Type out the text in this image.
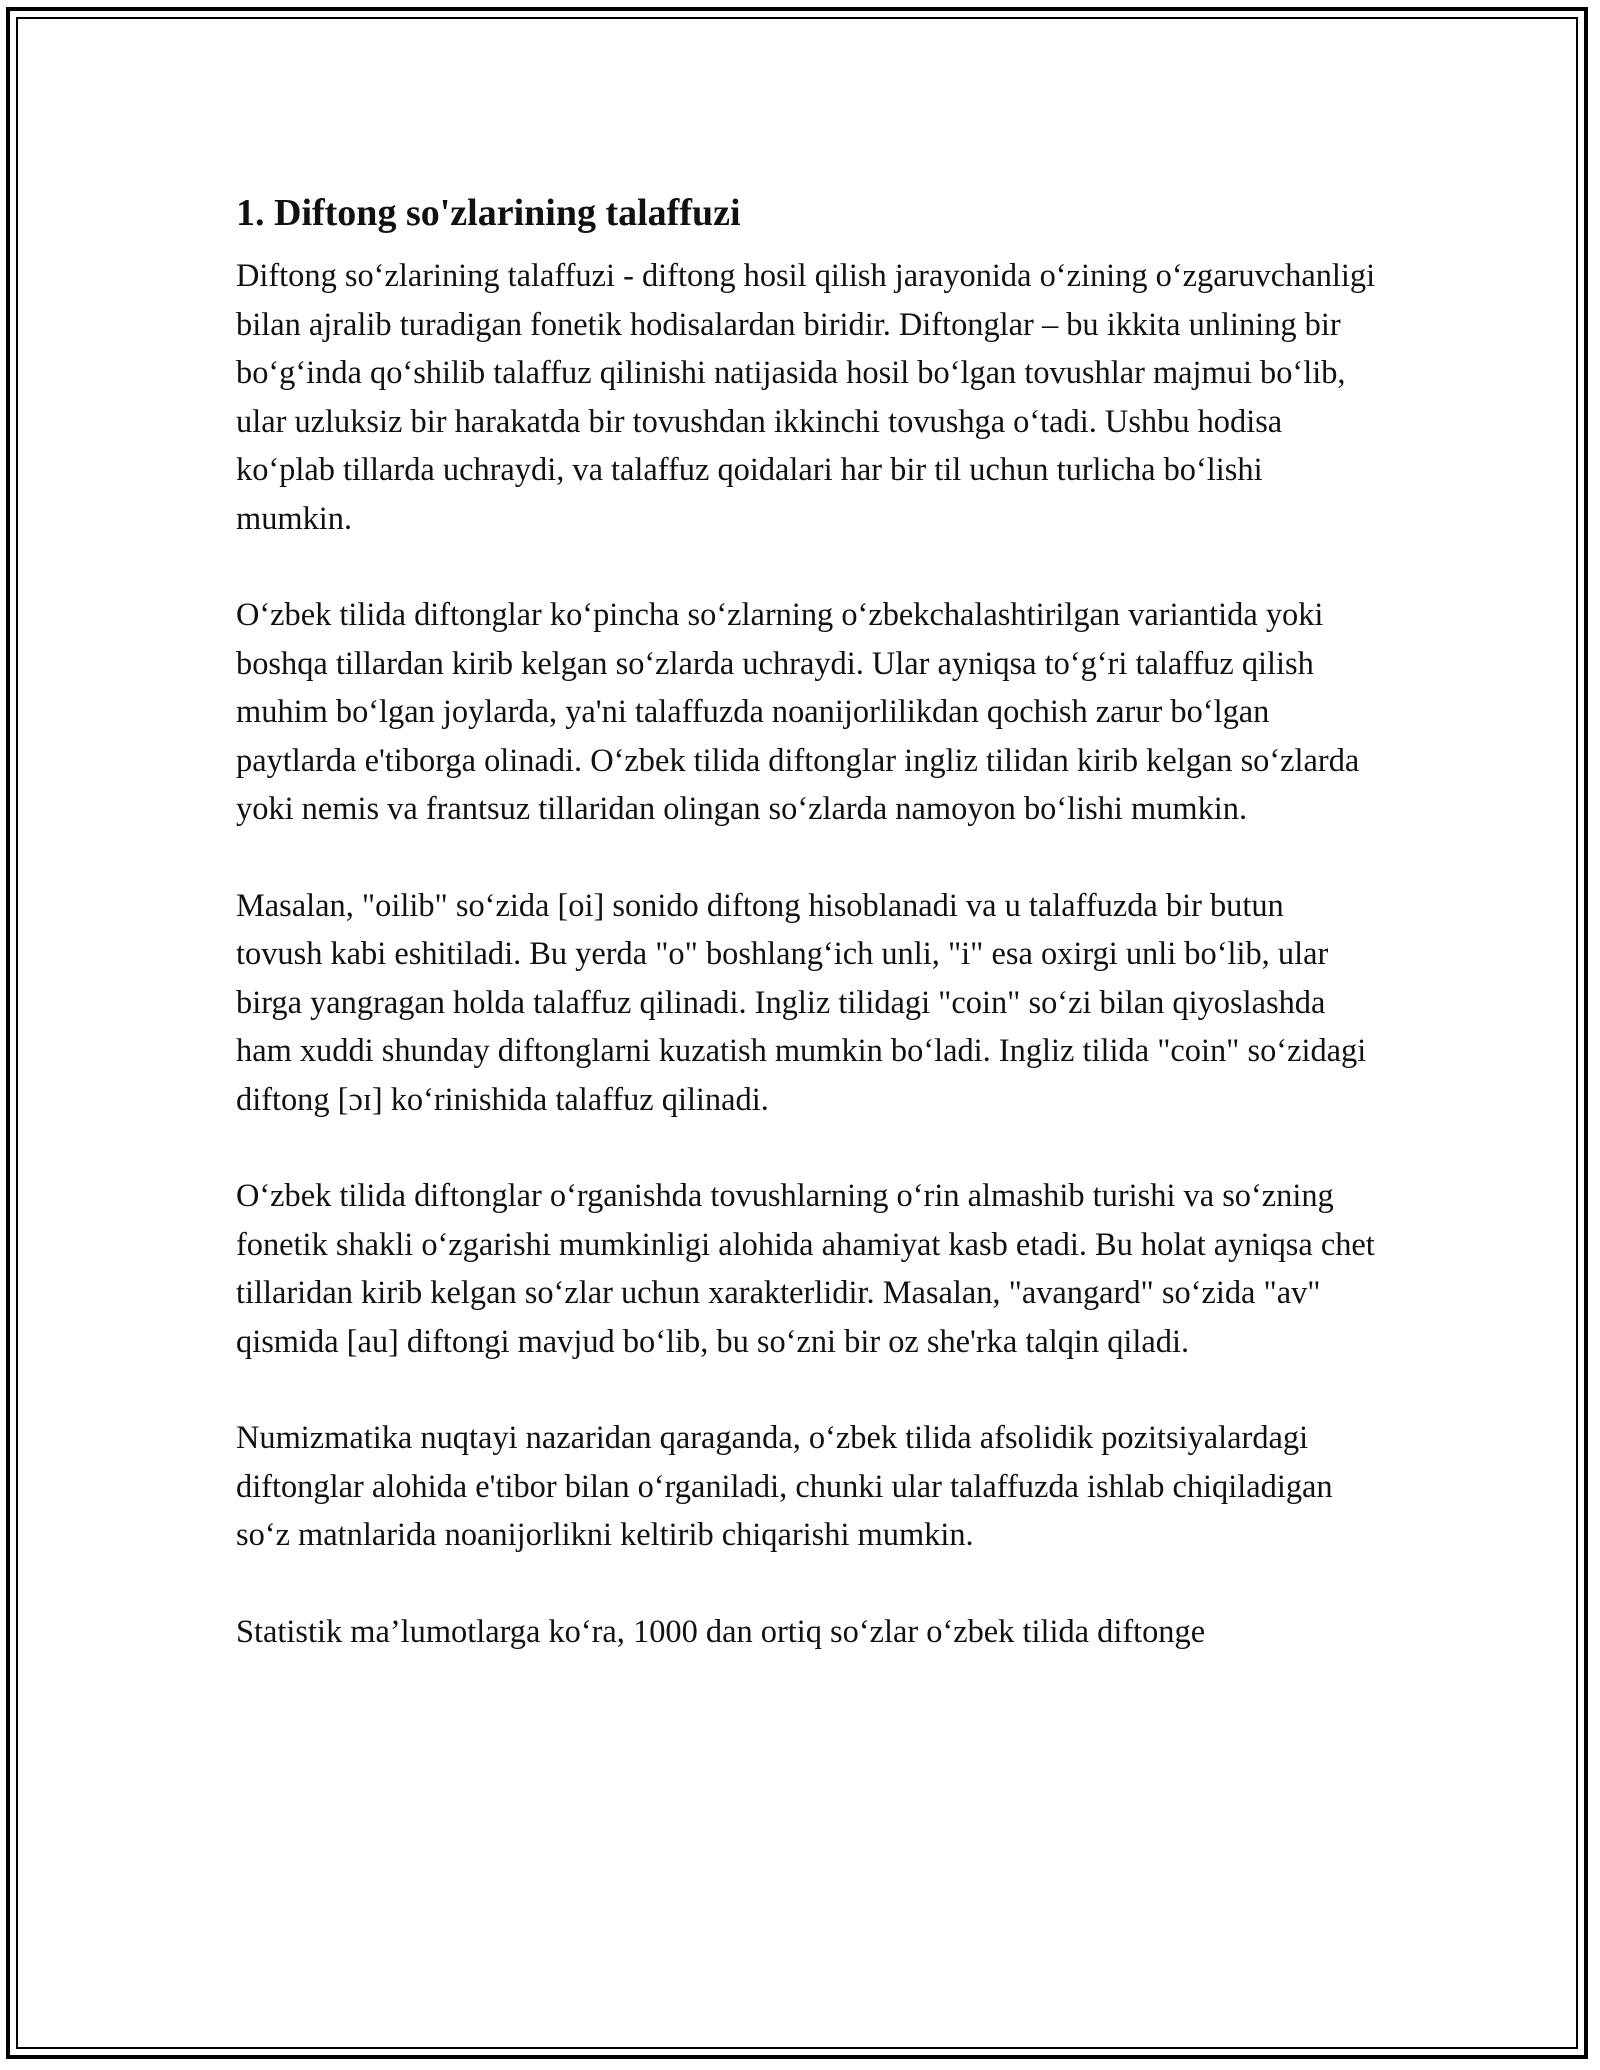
1. Diftong so'zlarining talaffuzi

Diftong so‘zlarining talaffuzi - diftong hosil qilish jarayonida o‘zining o‘zgaruvchanligi bilan ajralib turadigan fonetik hodisalardan biridir. Diftonglar – bu ikkita unlining bir bo‘g‘inda qo‘shilib talaffuz qilinishi natijasida hosil bo‘lgan tovushlar majmui bo‘lib, ular uzluksiz bir harakatda bir tovushdan ikkinchi tovushga o‘tadi. Ushbu hodisa ko‘plab tillarda uchraydi, va talaffuz qoidalari har bir til uchun turlicha bo‘lishi mumkin.

O‘zbek tilida diftonglar ko‘pincha so‘zlarning o‘zbekchalashtirilgan variantida yoki boshqa tillardan kirib kelgan so‘zlarda uchraydi. Ular ayniqsa to‘g‘ri talaffuz qilish muhim bo‘lgan joylarda, ya'ni talaffuzda noanijorlilikdan qochish zarur bo‘lgan paytlarda e'tiborga olinadi. O‘zbek tilida diftonglar ingliz tilidan kirib kelgan so‘zlarda yoki nemis va frantsuz tillaridan olingan so‘zlarda namoyon bo‘lishi mumkin.

Masalan, "oilib" so‘zida [oi] sonido diftong hisoblanadi va u talaffuzda bir butun tovush kabi eshitiladi. Bu yerda "o" boshlang‘ich unli, "i" esa oxirgi unli bo‘lib, ular birga yangragan holda talaffuz qilinadi. Ingliz tilidagi "coin" so‘zi bilan qiyoslashda ham xuddi shunday diftonglarni kuzatish mumkin bo‘ladi. Ingliz tilida "coin" so‘zidagi diftong [ɔɪ] ko‘rinishida talaffuz qilinadi.

O‘zbek tilida diftonglar o‘rganishda tovushlarning o‘rin almashib turishi va so‘zning fonetik shakli o‘zgarishi mumkinligi alohida ahamiyat kasb etadi. Bu holat ayniqsa chet tillaridan kirib kelgan so‘zlar uchun xarakterlidir. Masalan, "avangard" so‘zida "av" qismida [au] diftongi mavjud bo‘lib, bu so‘zni bir oz she'rka talqin qiladi.

Numizmatika nuqtayi nazaridan qaraganda, o‘zbek tilida afsolidik pozitsiyalardagi diftonglar alohida e'tibor bilan o‘rganiladi, chunki ular talaffuzda ishlab chiqiladigan so‘z matnlarida noanijorlikni keltirib chiqarishi mumkin.

Statistik ma’lumotlarga ko‘ra, 1000 dan ortiq so‘zlar o‘zbek tilida diftonge
